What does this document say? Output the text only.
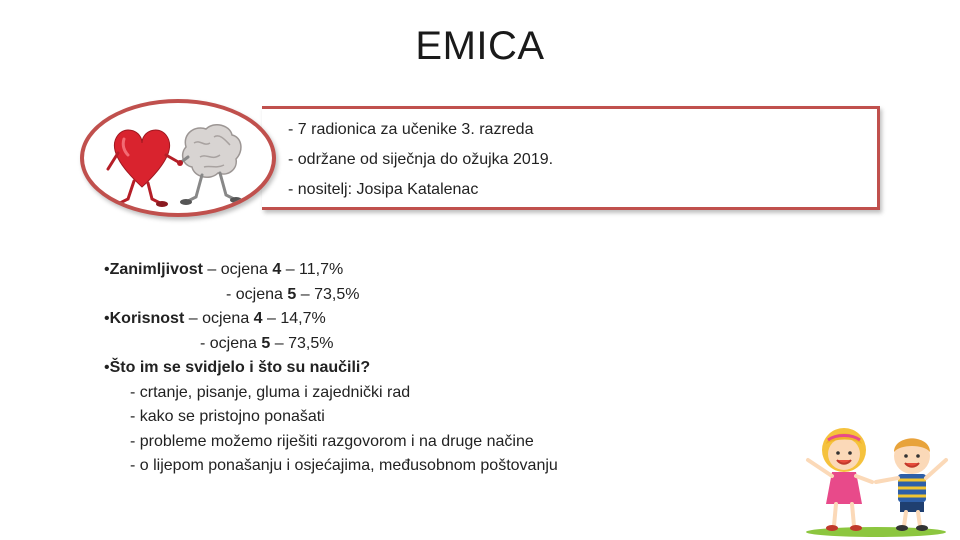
EMICA
- 7 radionica za učenike 3. razreda
- održane od siječnja do ožujka 2019.
- nositelj: Josipa Katalenac
•Zanimljivost – ocjena 4 – 11,7%
- ocjena 5 – 73,5%
•Korisnost – ocjena 4 – 14,7%
- ocjena 5 – 73,5%
•Što im se svidjelo i što su naučili?
- crtanje, pisanje, gluma i zajednički rad
- kako se pristojno ponašati
- probleme možemo riješiti razgovorom i na druge načine
- o lijepom ponašanju i osjećajima, međusobnom poštovanju
